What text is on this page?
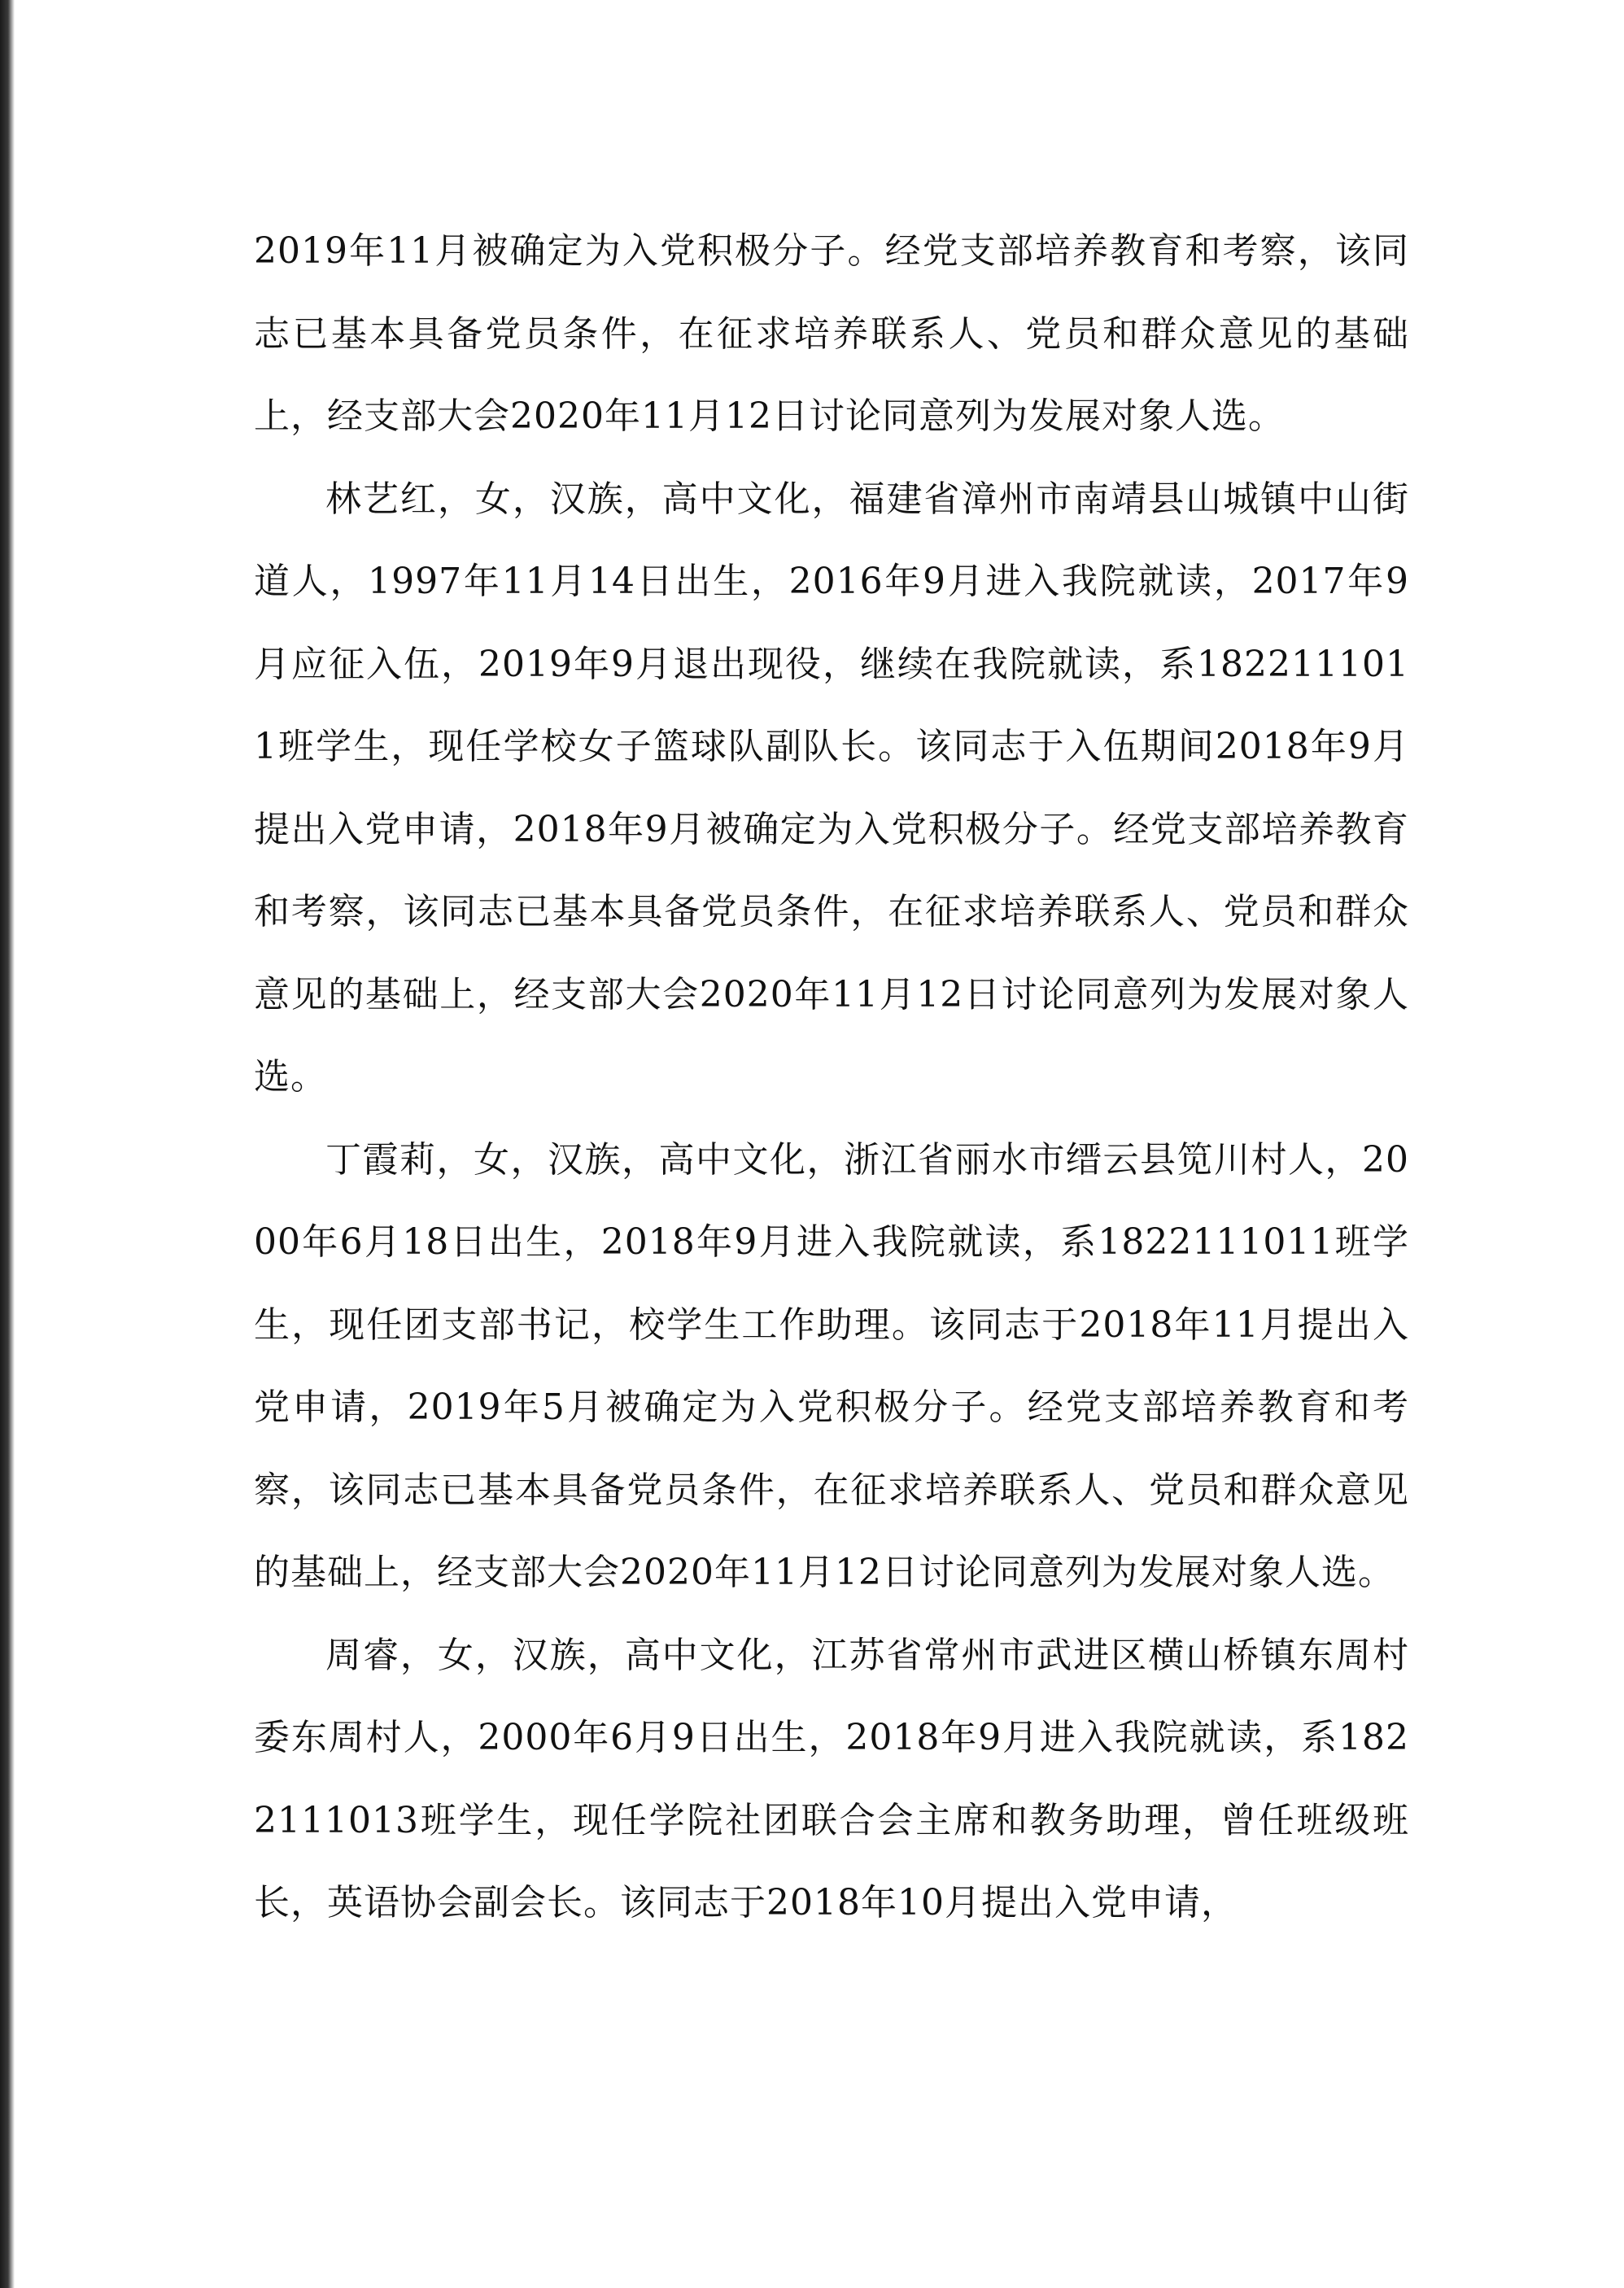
2019年11月被确定为入党积极分子。经党支部培养教育和考察，该同志已基本具备党员条件，在征求培养联系人、党员和群众意见的基础上，经支部大会2020年11月12日讨论同意列为发展对象人选。

林艺红，女，汉族，高中文化，福建省漳州市南靖县山城镇中山街道人，1997年11月14日出生，2016年9月进入我院就读，2017年9月应征入伍，2019年9月退出现役，继续在我院就读，系1822111011班学生，现任学校女子篮球队副队长。该同志于入伍期间2018年9月提出入党申请，2018年9月被确定为入党积极分子。经党支部培养教育和考察，该同志已基本具备党员条件，在征求培养联系人、党员和群众意见的基础上，经支部大会2020年11月12日讨论同意列为发展对象人选。

丁霞莉，女，汉族，高中文化，浙江省丽水市缙云县笕川村人，2000年6月18日出生，2018年9月进入我院就读，系1822111011班学生，现任团支部书记，校学生工作助理。该同志于2018年11月提出入党申请，2019年5月被确定为入党积极分子。经党支部培养教育和考察，该同志已基本具备党员条件，在征求培养联系人、党员和群众意见的基础上，经支部大会2020年11月12日讨论同意列为发展对象人选。

周睿，女，汉族，高中文化，江苏省常州市武进区横山桥镇东周村委东周村人，2000年6月9日出生，2018年9月进入我院就读，系1822111013班学生，现任学院社团联合会主席和教务助理，曾任班级班长，英语协会副会长。该同志于2018年10月提出入党申请，
